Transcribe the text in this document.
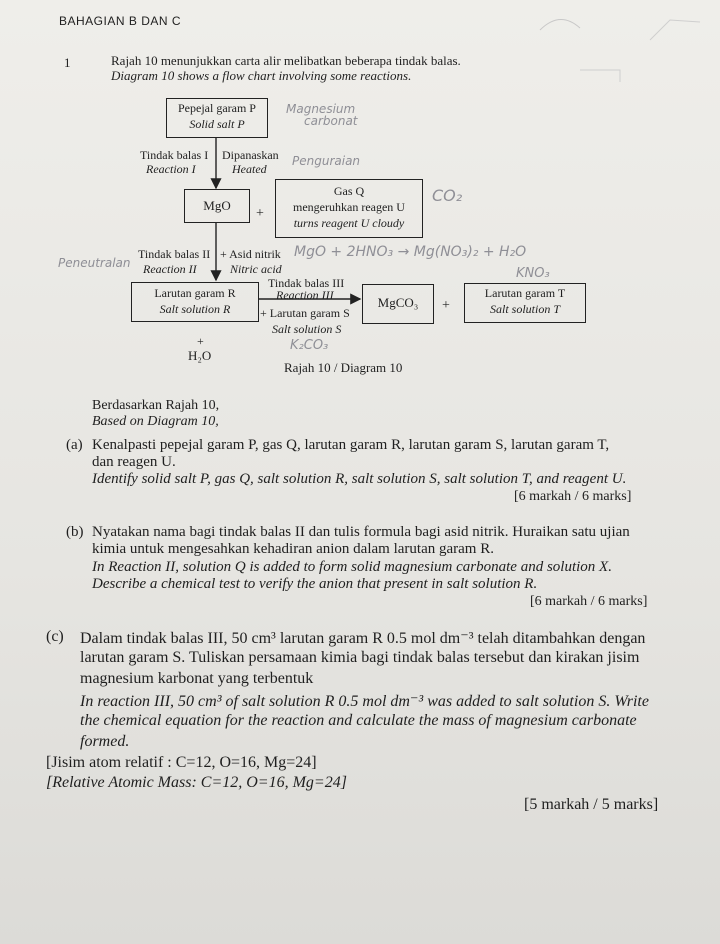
BAHAGIAN B DAN C
1	Rajah 10 menunjukkan carta alir melibatkan beberapa tindak balas.
Diagram 10 shows a flow chart involving some reactions.
Pepejal garam P
Solid salt P
Tindak balas I
Reaction I
Dipanaskan
Heated
MgO
+
Gas Q
mengeruhkan reagen U
turns reagent U cloudy
Tindak balas II
Reaction II
+ Asid nitrik
Nitric acid
Larutan garam R
Salt solution R
Tindak balas III
Reaction III
+ Larutan garam S
Salt solution S
MgCO₃	+
Larutan garam T
Salt solution T
+
H₂O
Rajah 10 / Diagram 10
Magnesium
carbonat
Penguraian
CO₂
MgO + 2HNO₃ → Mg(NO₃)₂ + H₂O
Peneutralan
KNO₃
K₂CO₃
Berdasarkan Rajah 10,
Based on Diagram 10,
(a) Kenalpasti pepejal garam P, gas Q, larutan garam R, larutan garam S, larutan garam T,
dan reagen U.
Identify solid salt P, gas Q, salt solution R, salt solution S, salt solution T, and reagent U.
[6 markah / 6 marks]
(b) Nyatakan nama bagi tindak balas II dan tulis formula bagi asid nitrik. Huraikan satu ujian
kimia untuk mengesahkan kehadiran anion dalam larutan garam R.
In Reaction II, solution Q is added to form solid magnesium carbonate and solution X.
Describe a chemical test to verify the anion that present in salt solution R.
[6 markah / 6 marks]
(c) Dalam tindak balas III, 50 cm³ larutan garam R 0.5 mol dm⁻³ telah ditambahkan dengan
larutan garam S. Tuliskan persamaan kimia bagi tindak balas tersebut dan kirakan jisim
magnesium karbonat yang terbentuk
In reaction III, 50 cm³ of salt solution R 0.5 mol dm⁻³ was added to salt solution S. Write
the chemical equation for the reaction and calculate the mass of magnesium carbonate
formed.
[Jisim atom relatif : C=12, O=16, Mg=24]
[Relative Atomic Mass: C=12, O=16, Mg=24]
[5 markah / 5 marks]
